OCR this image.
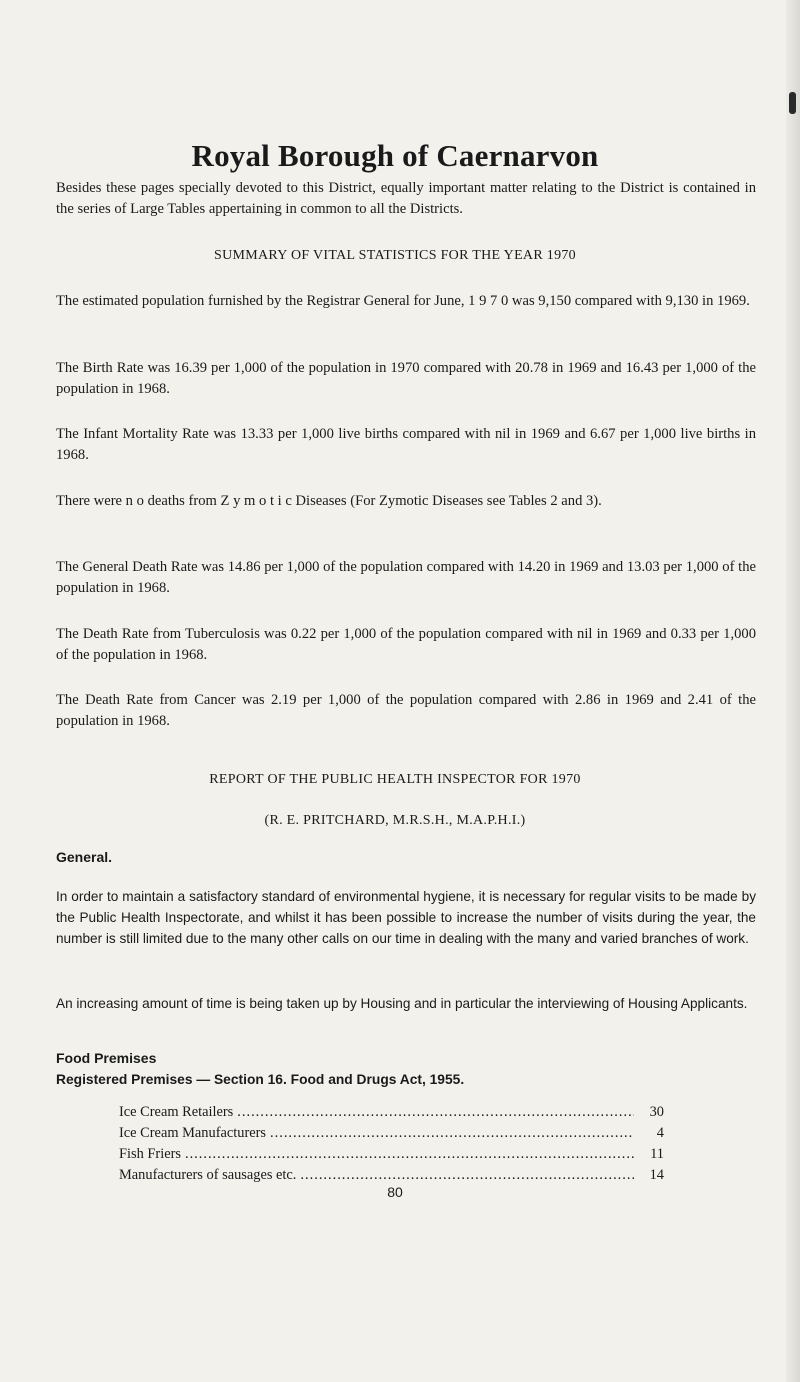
Royal Borough of Caernarvon

Besides these pages specially devoted to this District, equally important matter relating to the District is contained in the series of Large Tables appertaining in common to all the Districts.

SUMMARY OF VITAL STATISTICS FOR THE YEAR 1970

The estimated population furnished by the Registrar General for June, 1 9 7 0 was 9,150 compared with 9,130 in 1969.

The Birth Rate was 16.39 per 1,000 of the population in 1970 compared with 20.78 in 1969 and 16.43 per 1,000 of the population in 1968.

The Infant Mortality Rate was 13.33 per 1,000 live births compared with nil in 1969 and 6.67 per 1,000 live births in 1968.

There were n o deaths from Z y m o t i c Diseases (For Zymotic Diseases see Tables 2 and 3).

The General Death Rate was 14.86 per 1,000 of the population compared with 14.20 in 1969 and 13.03 per 1,000 of the population in 1968.

The Death Rate from Tuberculosis was 0.22 per 1,000 of the population compared with nil in 1969 and 0.33 per 1,000 of the population in 1968.

The Death Rate from Cancer was 2.19 per 1,000 of the population compared with 2.86 in 1969 and 2.41 of the population in 1968.

REPORT OF THE PUBLIC HEALTH INSPECTOR FOR 1970

(R. E. PRITCHARD, M.R.S.H., M.A.P.H.I.)

General.

In order to maintain a satisfactory standard of environmental hygiene, it is necessary for regular visits to be made by the Public Health Inspectorate, and whilst it has been possible to increase the number of visits during the year, the number is still limited due to the many other calls on our time in dealing with the many and varied branches of work.

An increasing amount of time is being taken up by Housing and in particular the interviewing of Housing Applicants.

Food Premises

Registered Premises — Section 16. Food and Drugs Act, 1955.

Ice Cream Retailers .....	30
Ice Cream Manufacturers .....	4
Fish Friers .....	11
Manufacturers of sausages etc. .....	14

80
